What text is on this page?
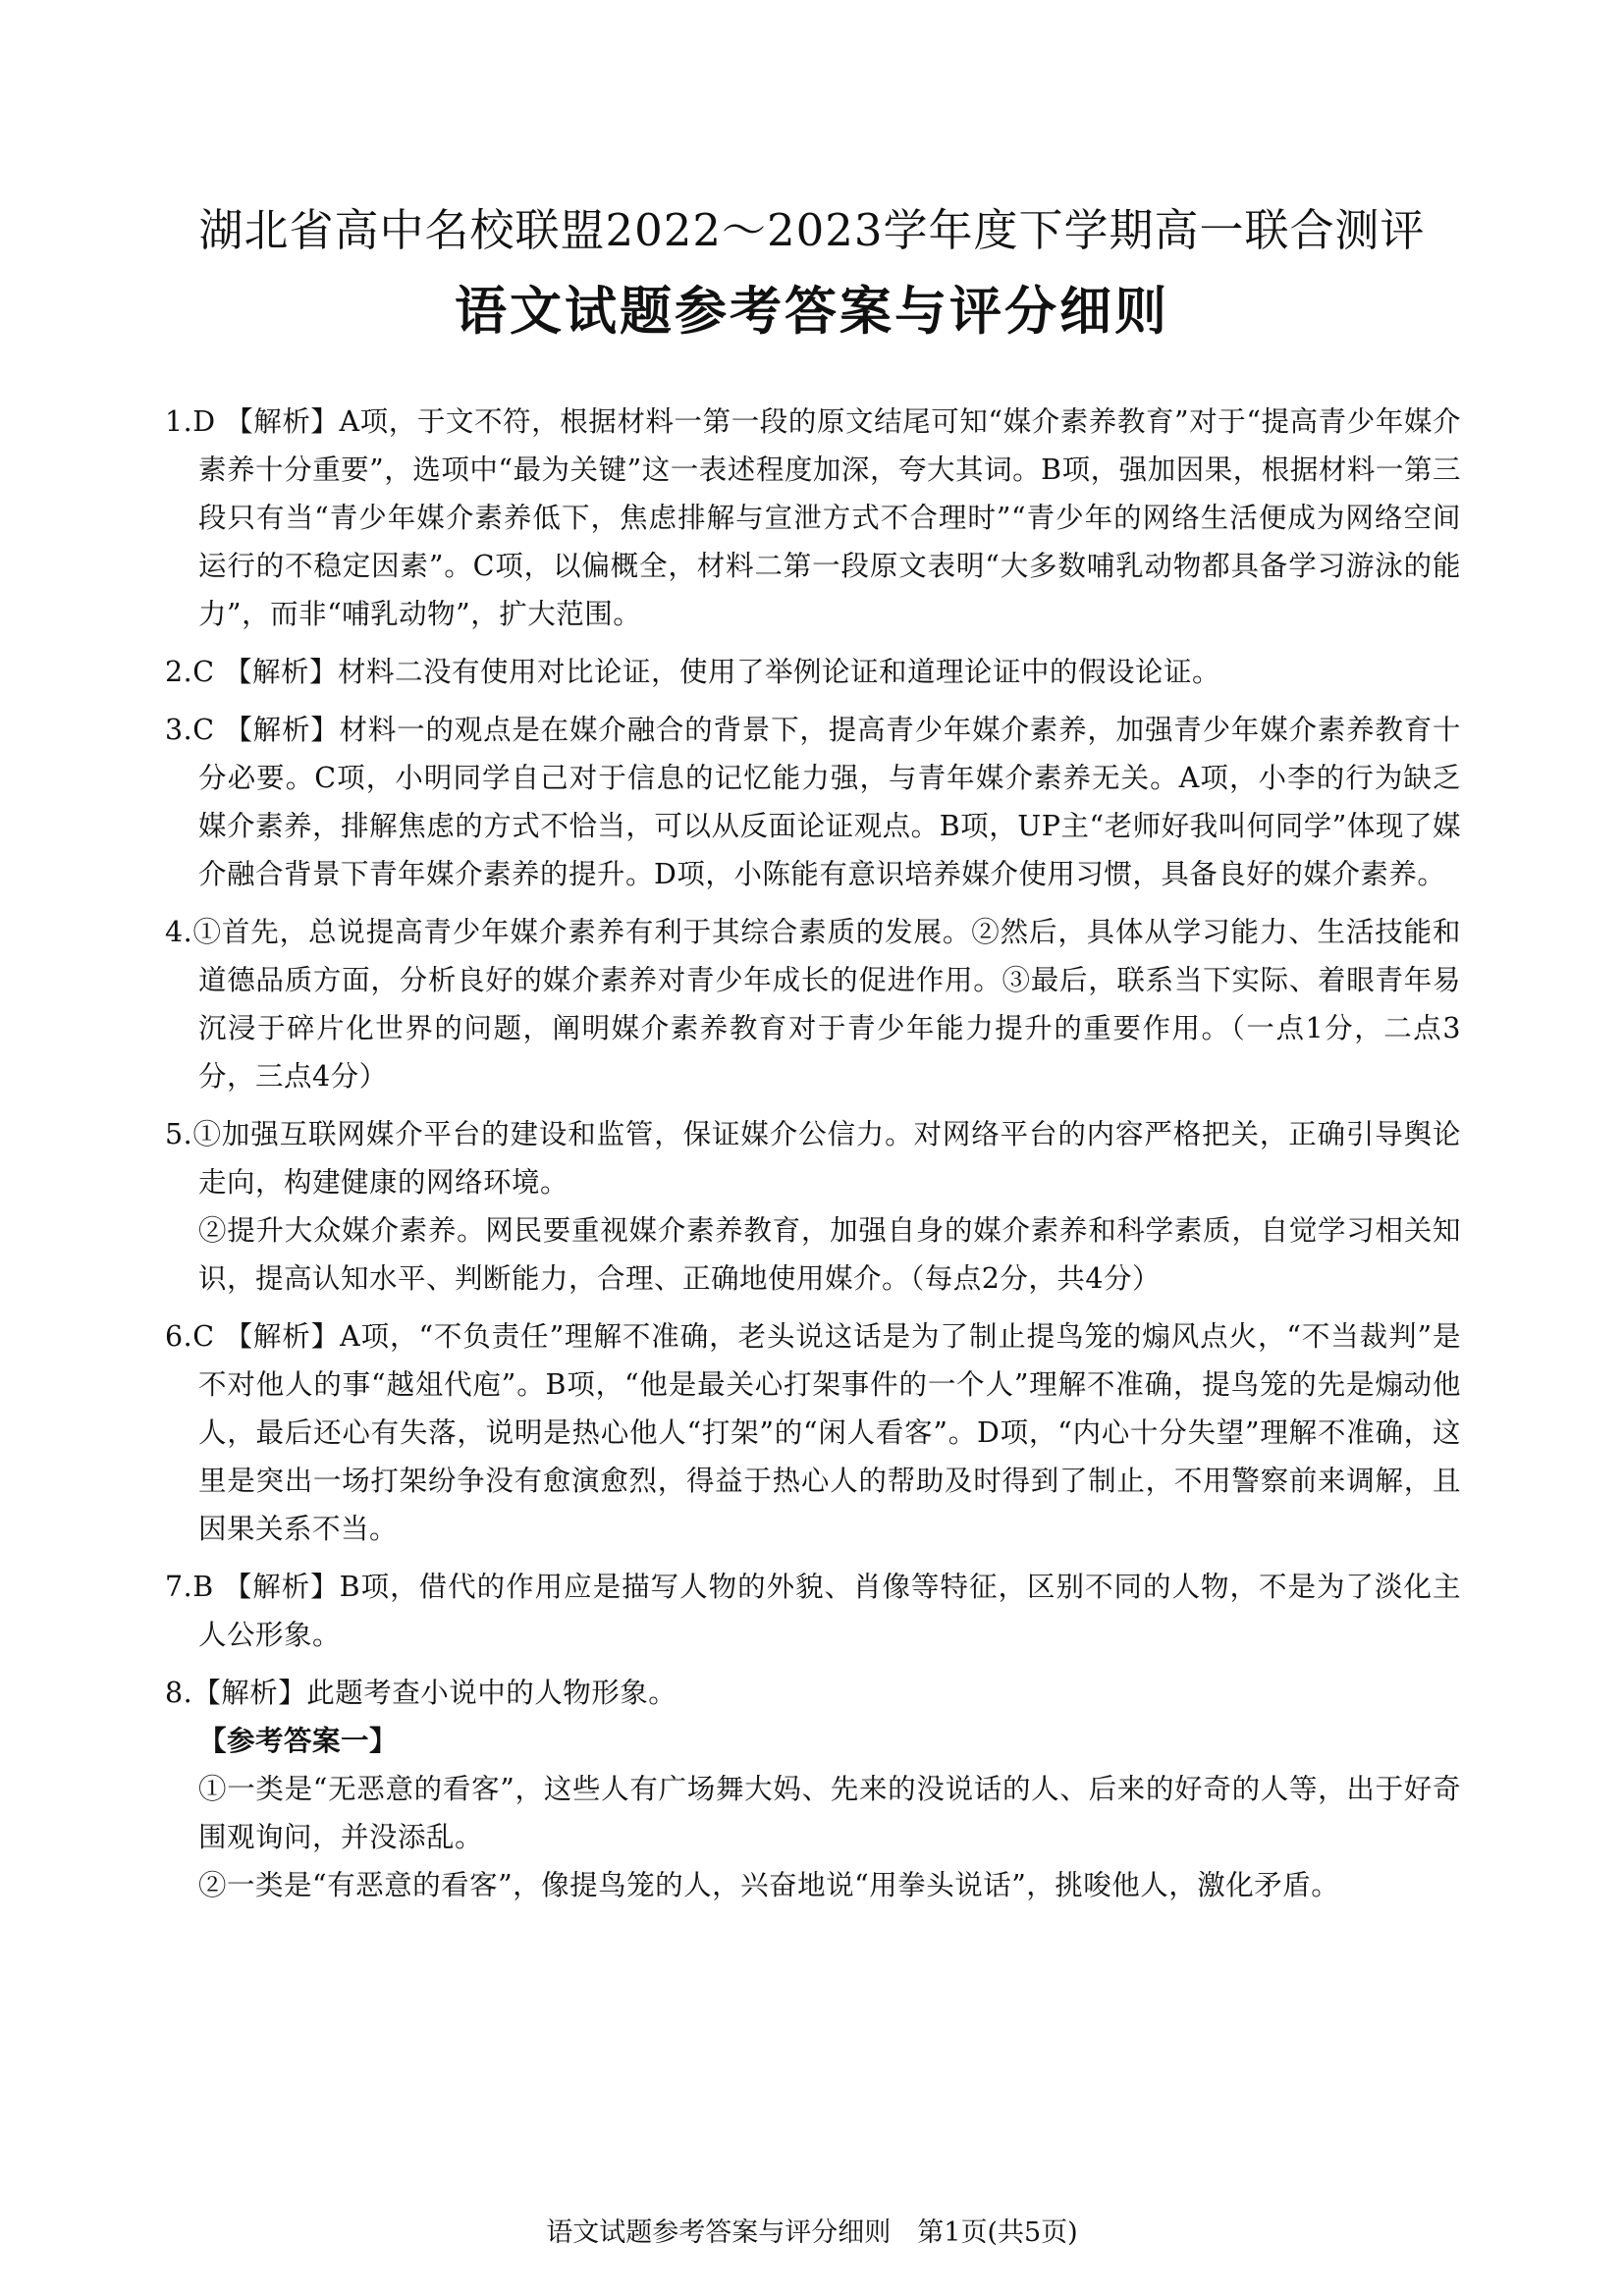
湖北省高中名校联盟2022～2023学年度下学期高一联合测评
语文试题参考答案与评分细则

1.D 【解析】A项，于文不符，根据材料一第一段的原文结尾可知“媒介素养教育”对于“提高青少年媒介素养十分重要”，选项中“最为关键”这一表述程度加深，夸大其词。B项，强加因果，根据材料一第三段只有当“青少年媒介素养低下，焦虑排解与宣泄方式不合理时”“青少年的网络生活便成为网络空间运行的不稳定因素”。C项，以偏概全，材料二第一段原文表明“大多数哺乳动物都具备学习游泳的能力”，而非“哺乳动物”，扩大范围。

2.C 【解析】材料二没有使用对比论证，使用了举例论证和道理论证中的假设论证。

3.C 【解析】材料一的观点是在媒介融合的背景下，提高青少年媒介素养，加强青少年媒介素养教育十分必要。C项，小明同学自己对于信息的记忆能力强，与青年媒介素养无关。A项，小李的行为缺乏媒介素养，排解焦虑的方式不恰当，可以从反面论证观点。B项，UP主“老师好我叫何同学”体现了媒介融合背景下青年媒介素养的提升。D项，小陈能有意识培养媒介使用习惯，具备良好的媒介素养。

4.①首先，总说提高青少年媒介素养有利于其综合素质的发展。②然后，具体从学习能力、生活技能和道德品质方面，分析良好的媒介素养对青少年成长的促进作用。③最后，联系当下实际、着眼青年易沉浸于碎片化世界的问题，阐明媒介素养教育对于青少年能力提升的重要作用。（一点1分，二点3分，三点4分）

5.①加强互联网媒介平台的建设和监管，保证媒介公信力。对网络平台的内容严格把关，正确引导舆论走向，构建健康的网络环境。

②提升大众媒介素养。网民要重视媒介素养教育，加强自身的媒介素养和科学素质，自觉学习相关知识，提高认知水平、判断能力，合理、正确地使用媒介。（每点2分，共4分）

6.C 【解析】A项，“不负责任”理解不准确，老头说这话是为了制止提鸟笼的煽风点火，“不当裁判”是不对他人的事“越俎代庖”。B项，“他是最关心打架事件的一个人”理解不准确，提鸟笼的先是煽动他人，最后还心有失落，说明是热心他人“打架”的“闲人看客”。D项，“内心十分失望”理解不准确，这里是突出一场打架纷争没有愈演愈烈，得益于热心人的帮助及时得到了制止，不用警察前来调解，且因果关系不当。

7.B 【解析】B项，借代的作用应是描写人物的外貌、肖像等特征，区别不同的人物，不是为了淡化主人公形象。

8.【解析】此题考查小说中的人物形象。

【参考答案一】

①一类是“无恶意的看客”，这些人有广场舞大妈、先来的没说话的人、后来的好奇的人等，出于好奇围观询问，并没添乱。

②一类是“有恶意的看客”，像提鸟笼的人，兴奋地说“用拳头说话”，挑唆他人，激化矛盾。

语文试题参考答案与评分细则　第1页(共5页)
